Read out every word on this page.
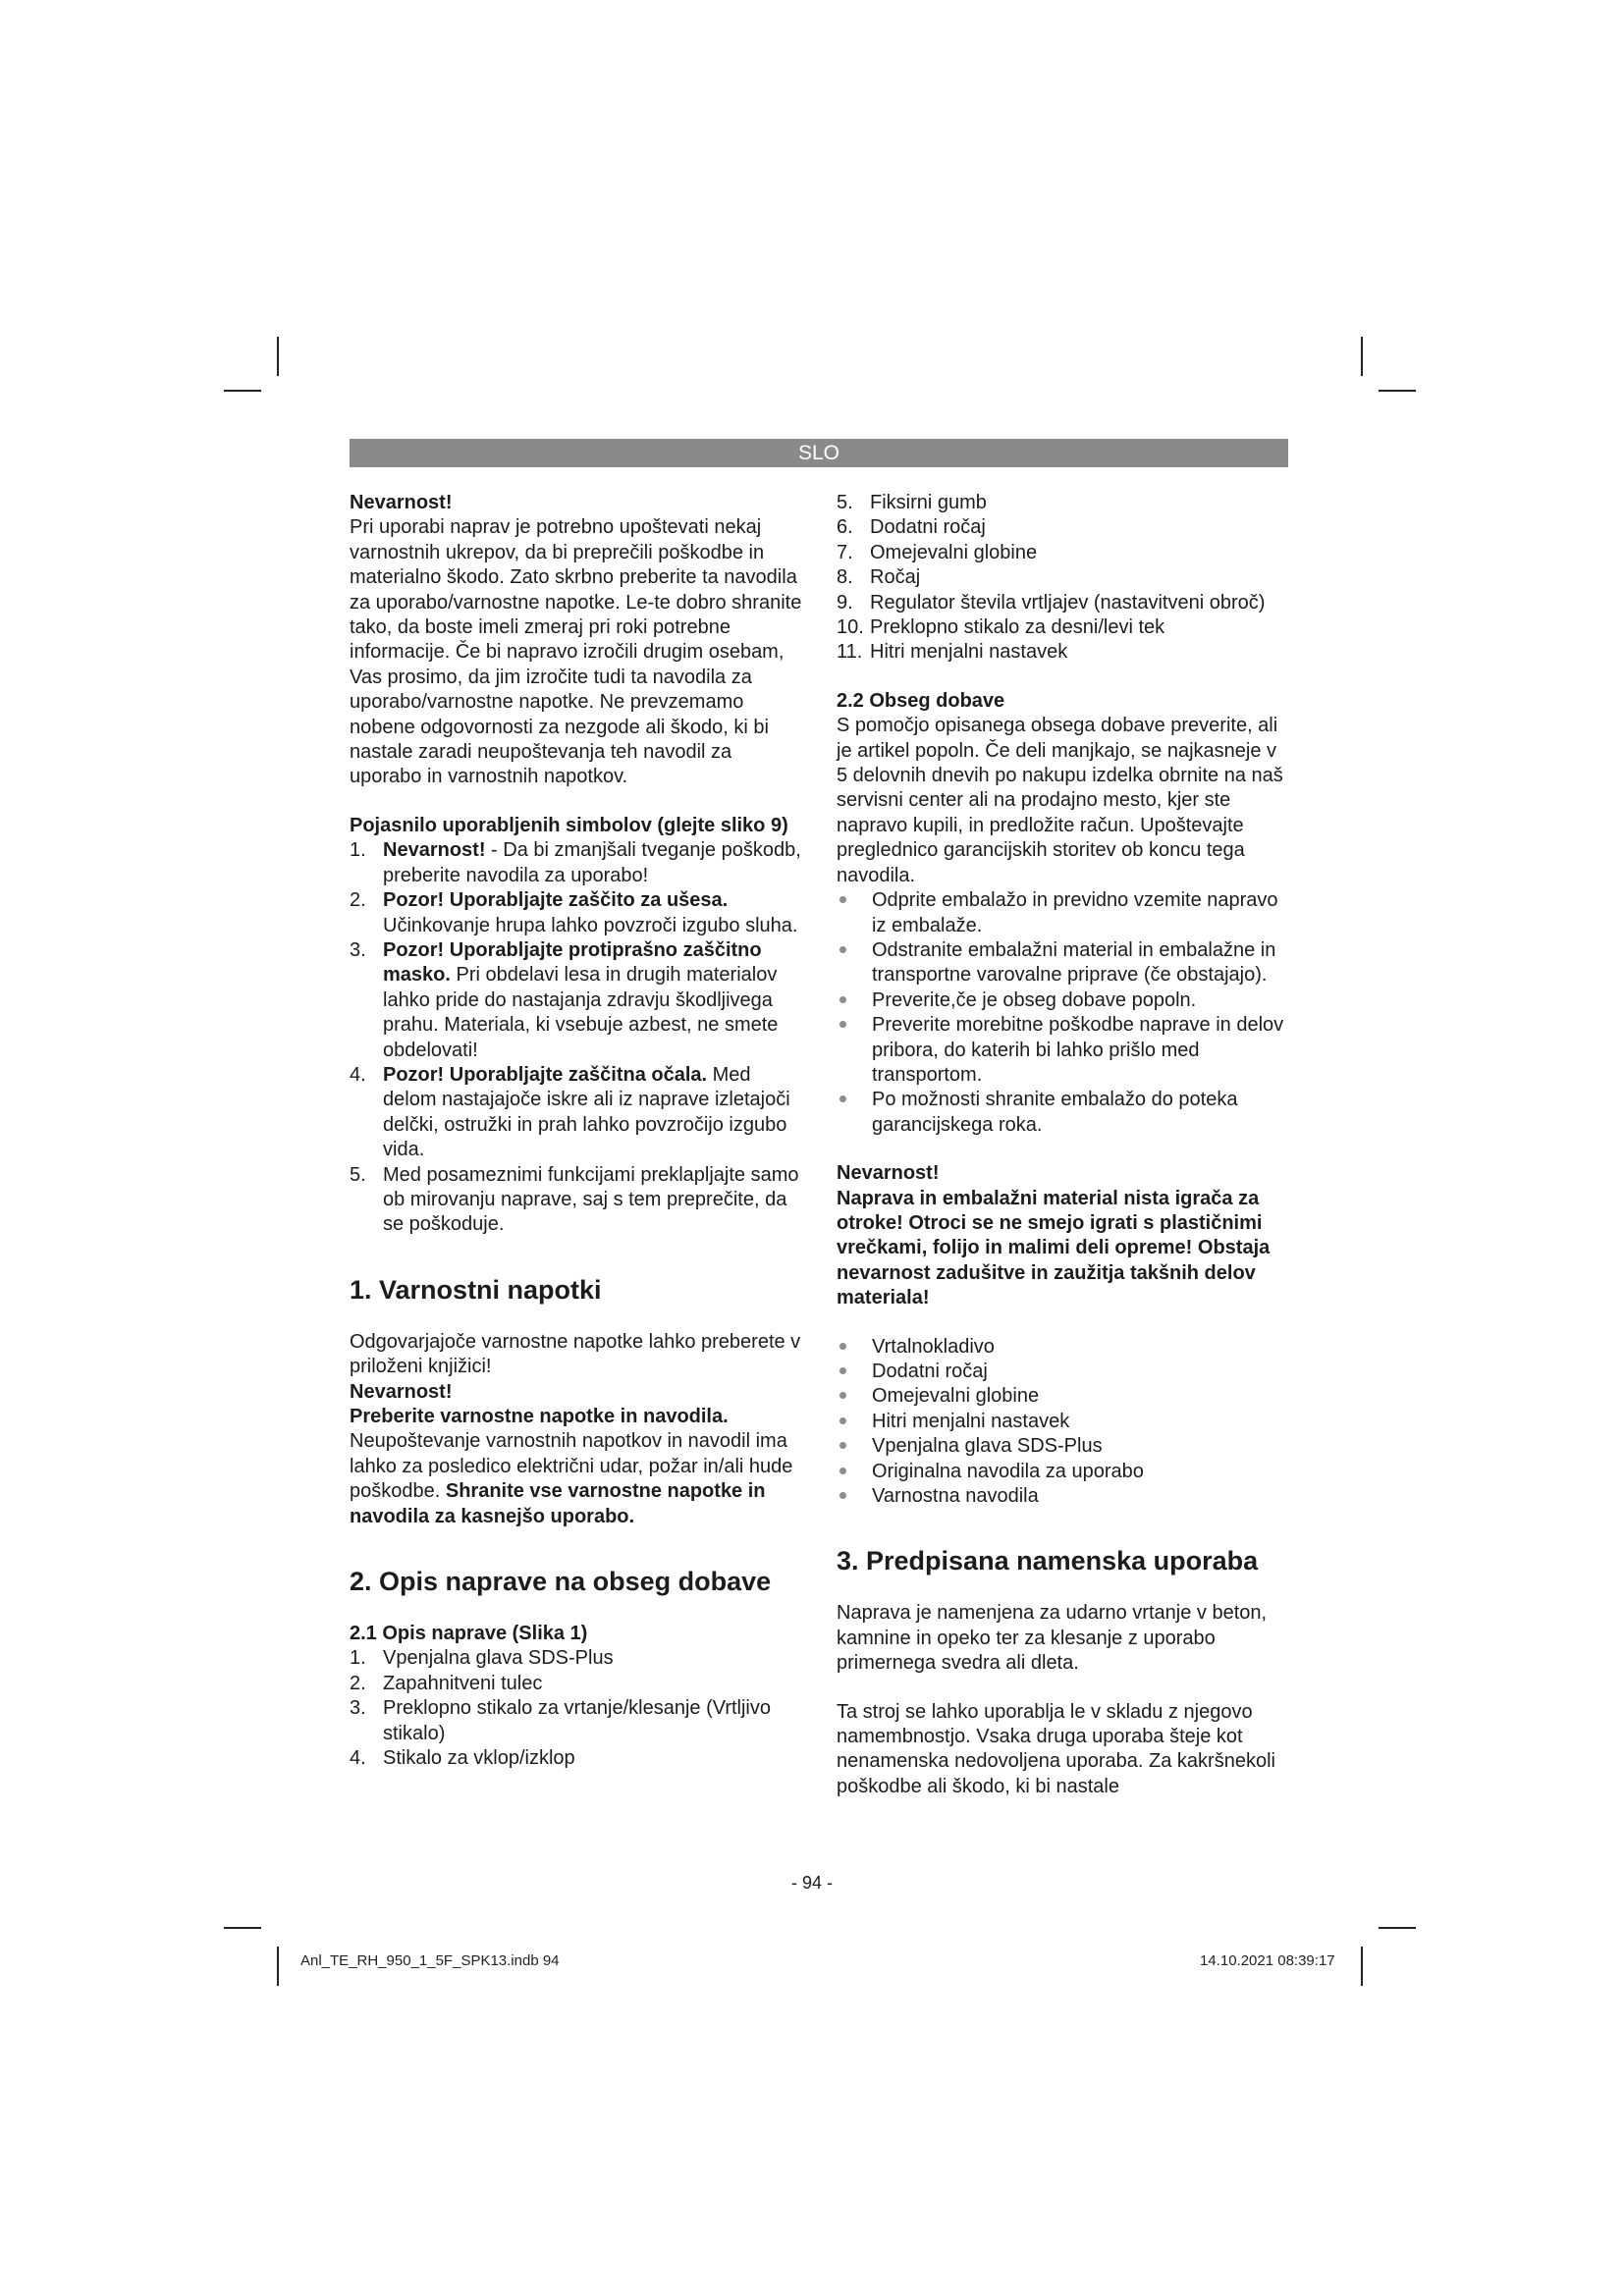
SLO

Nevarnost!

Pri uporabi naprav je potrebno upoštevati nekaj varnostnih ukrepov, da bi preprečili poškodbe in materialno škodo. Zato skrbno preberite ta navodila za uporabo/varnostne napotke. Le-te dobro shranite tako, da boste imeli zmeraj pri roki potrebne informacije. Če bi napravo izročili drugim osebam, Vas prosimo, da jim izročite tudi ta navodila za uporabo/varnostne napotke. Ne prevzemamo nobene odgovornosti za nezgode ali škodo, ki bi nastale zaradi neupoštevanja teh navodil za uporabo in varnostnih napotkov.

Pojasnilo uporabljenih simbolov (glejte sliko 9)

1. Nevarnost! - Da bi zmanjšali tveganje poškodb, preberite navodila za uporabo!
2. Pozor! Uporabljajte zaščito za ušesa. Učinkovanje hrupa lahko povzroči izgubo sluha.
3. Pozor! Uporabljajte protiprašno zaščitno masko. Pri obdelavi lesa in drugih materialov lahko pride do nastajanja zdravju škodljivega prahu. Materiala, ki vsebuje azbest, ne smete obdelovati!
4. Pozor! Uporabljajte zaščitna očala. Med delom nastajajoče iskre ali iz naprave izletajoči delčki, ostružki in prah lahko povzročijo izgubo vida.
5. Med posameznimi funkcijami preklapljajte samo ob mirovanju naprave, saj s tem preprečite, da se poškoduje.
1. Varnostni napotki

Odgovarjajoče varnostne napotke lahko preberete v priloženi knjižici!

Nevarnost!

Preberite varnostne napotke in navodila.
Neupoštevanje varnostnih napotkov in navodil ima lahko za posledico električni udar, požar in/ali hude poškodbe. Shranite vse varnostne napotke in navodila za kasnejšo uporabo.

2. Opis naprave na obseg dobave

2.1 Opis naprave (Slika 1)

1. Vpenjalna glava SDS-Plus
2. Zapahnitveni tulec
3. Preklopno stikalo za vrtanje/klesanje (Vrtljivo stikalo)
4. Stikalo za vklop/izklop
5. Fiksirni gumb
6. Dodatni ročaj
7. Omejevalni globine
8. Ročaj
9. Regulator števila vrtljajev (nastavitveni obroč)
10. Preklopno stikalo za desni/levi tek
11. Hitri menjalni nastavek

2.2 Obseg dobave

S pomočjo opisanega obsega dobave preverite, ali je artikel popoln. Če deli manjkajo, se najkasneje v 5 delovnih dnevih po nakupu izdelka obrnite na naš servisni center ali na prodajno mesto, kjer ste napravo kupili, in predložite račun. Upoštevajte preglednico garancijskih storitev ob koncu tega navodila.

Odprite embalažo in previdno vzemite napravo iz embalaže.
Odstranite embalažni material in embalažne in transportne varovalne priprave (če obstajajo).
Preverite,če je obseg dobave popoln.
Preverite morebitne poškodbe naprave in delov pribora, do katerih bi lahko prišlo med transportom.
Po možnosti shranite embalažo do poteka garancijskega roka.

Nevarnost!

Naprava in embalažni material nista igrača za otroke! Otroci se ne smejo igrati s plastičnimi vrečkami, folijo in malimi deli opreme! Obstaja nevarnost zadušitve in zaužitja takšnih delov materiala!

Vrtalnokladivo
Dodatni ročaj
Omejevalni globine
Hitri menjalni nastavek
Vpenjalna glava SDS-Plus
Originalna navodila za uporabo
Varnostna navodila
3. Predpisana namenska uporaba

Naprava je namenjena za udarno vrtanje v beton, kamnine in opeko ter za klesanje z uporabo primernega svedra ali dleta.

Ta stroj se lahko uporablja le v skladu z njegovo namembnostjo. Vsaka druga uporaba šteje kot nenamenska nedovoljena uporaba. Za kakršnekoli poškodbe ali škodo, ki bi nastale

- 94 -
Anl_TE_RH_950_1_5F_SPK13.indb 94	14.10.2021 08:39:17
